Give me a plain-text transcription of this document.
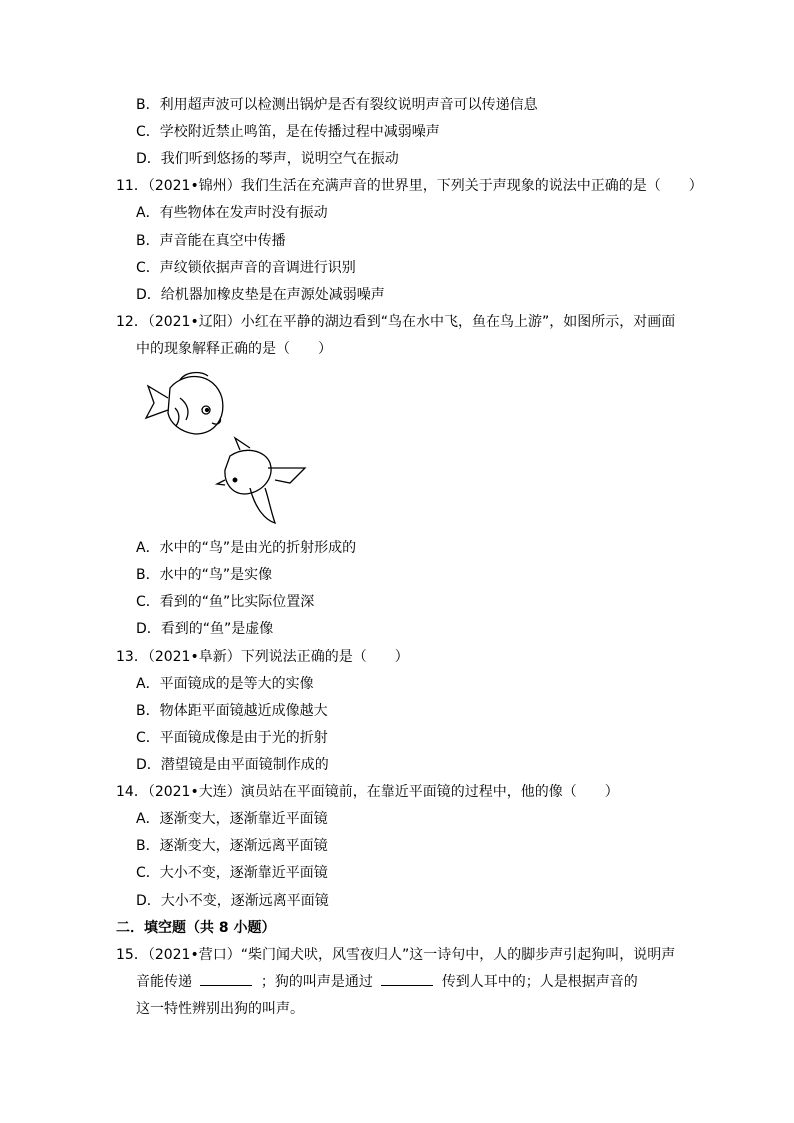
B．利用超声波可以检测出锅炉是否有裂纹说明声音可以传递信息
C．学校附近禁止鸣笛，是在传播过程中减弱噪声
D．我们听到悠扬的琴声，说明空气在振动
11．（2021•锦州）我们生活在充满声音的世界里，下列关于声现象的说法中正确的是（　　）
A．有些物体在发声时没有振动
B．声音能在真空中传播
C．声纹锁依据声音的音调进行识别
D．给机器加橡皮垫是在声源处减弱噪声
12．（2021•辽阳）小红在平静的湖边看到“鸟在水中飞，鱼在鸟上游”，如图所示，对画面
中的现象解释正确的是（　　）
A．水中的“鸟”是由光的折射形成的
B．水中的“鸟”是实像
C．看到的“鱼”比实际位置深
D．看到的“鱼”是虚像
13．（2021•阜新）下列说法正确的是（　　）
A．平面镜成的是等大的实像
B．物体距平面镜越近成像越大
C．平面镜成像是由于光的折射
D．潜望镜是由平面镜制作成的
14．（2021•大连）演员站在平面镜前，在靠近平面镜的过程中，他的像（　　）
A．逐渐变大，逐渐靠近平面镜
B．逐渐变大，逐渐远离平面镜
C．大小不变，逐渐靠近平面镜
D．大小不变，逐渐远离平面镜
二．填空题（共 8 小题）
15．（2021•营口）“柴门闻犬吠，风雪夜归人”这一诗句中，人的脚步声引起狗叫，说明声
音能传递	；狗的叫声是通过	传到人耳中的；人是根据声音的
这一特性辨别出狗的叫声。
